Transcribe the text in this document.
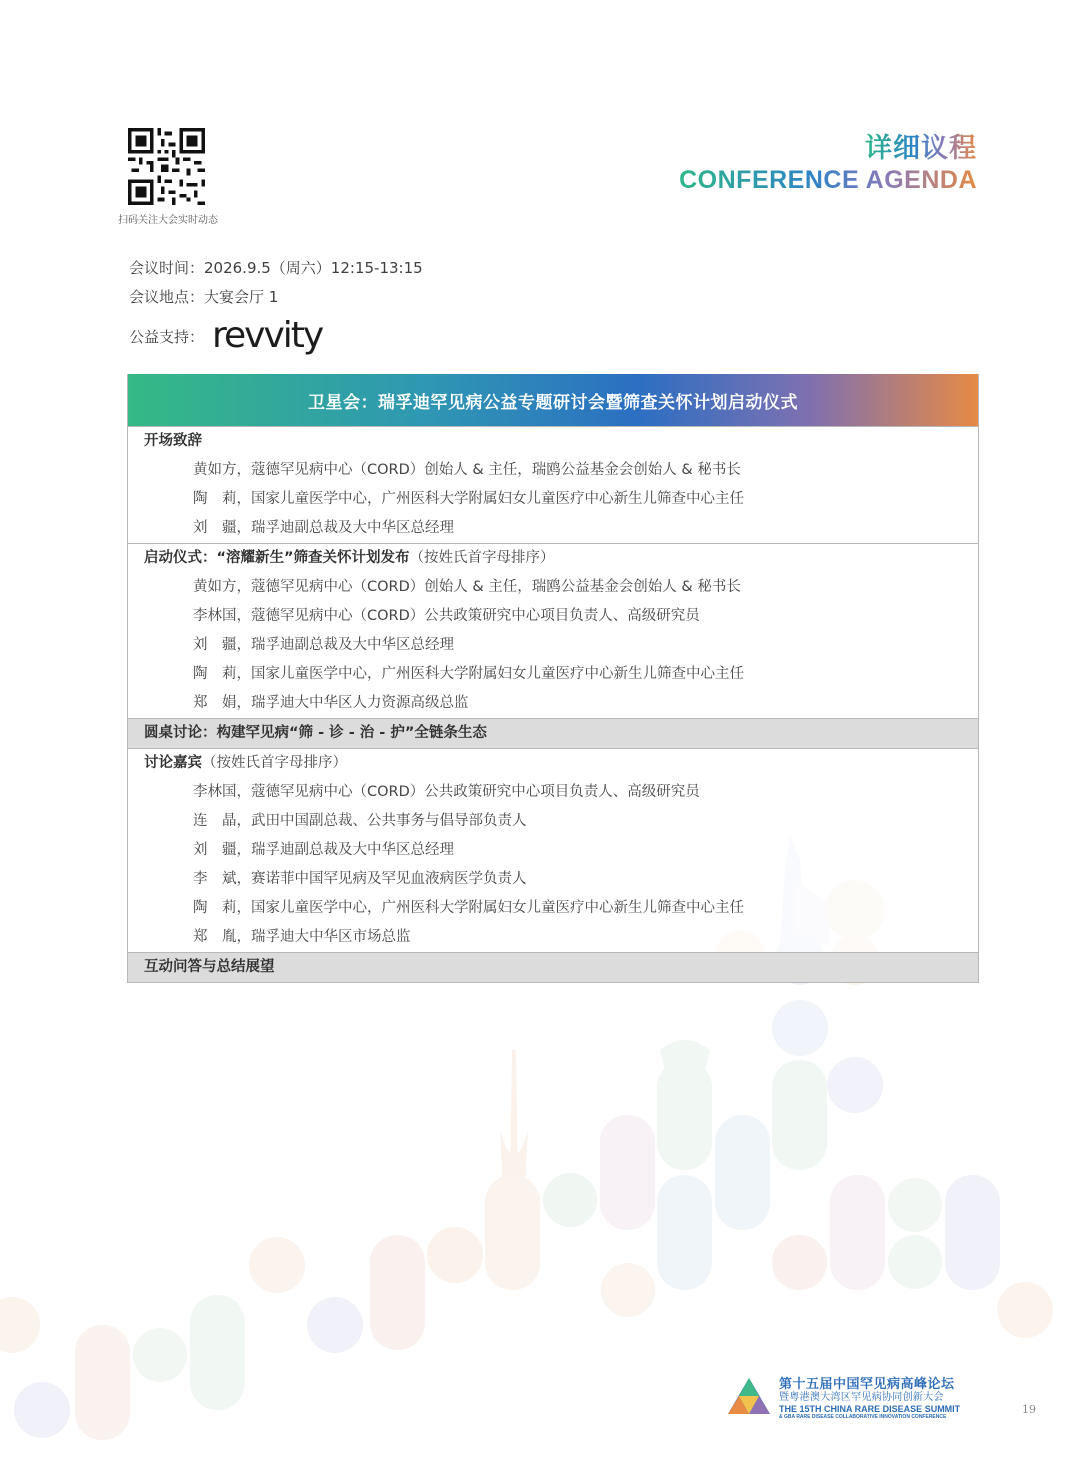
扫码关注大会实时动态
详细议程
CONFERENCE AGENDA
会议时间：2026.9.5（周六）12:15-13:15
会议地点：大宴会厅 1
公益支持： revvity
卫星会：瑞孚迪罕见病公益专题研讨会暨筛查关怀计划启动仪式
开场致辞
黄如方，蔻德罕见病中心（CORD）创始人 & 主任，瑞鸥公益基金会创始人 & 秘书长
陶　莉，国家儿童医学中心，广州医科大学附属妇女儿童医疗中心新生儿筛查中心主任
刘　疆，瑞孚迪副总裁及大中华区总经理
启动仪式：“溶耀新生”筛查关怀计划发布（按姓氏首字母排序）
黄如方，蔻德罕见病中心（CORD）创始人 & 主任，瑞鸥公益基金会创始人 & 秘书长
李林国，蔻德罕见病中心（CORD）公共政策研究中心项目负责人、高级研究员
刘　疆，瑞孚迪副总裁及大中华区总经理
陶　莉，国家儿童医学中心，广州医科大学附属妇女儿童医疗中心新生儿筛查中心主任
郑　娟，瑞孚迪大中华区人力资源高级总监
圆桌讨论：构建罕见病“筛 - 诊 - 治 - 护”全链条生态
讨论嘉宾（按姓氏首字母排序）
李林国，蔻德罕见病中心（CORD）公共政策研究中心项目负责人、高级研究员
连　晶，武田中国副总裁、公共事务与倡导部负责人
刘　疆，瑞孚迪副总裁及大中华区总经理
李　斌，赛诺菲中国罕见病及罕见血液病医学负责人
陶　莉，国家儿童医学中心，广州医科大学附属妇女儿童医疗中心新生儿筛查中心主任
郑　胤，瑞孚迪大中华区市场总监
互动问答与总结展望
第十五届中国罕见病高峰论坛
暨粤港澳大湾区罕见病协同创新大会
THE 15TH CHINA RARE DISEASE SUMMIT
& GBA RARE DISEASE COLLABORATIVE INNOVATION CONFERENCE
19
